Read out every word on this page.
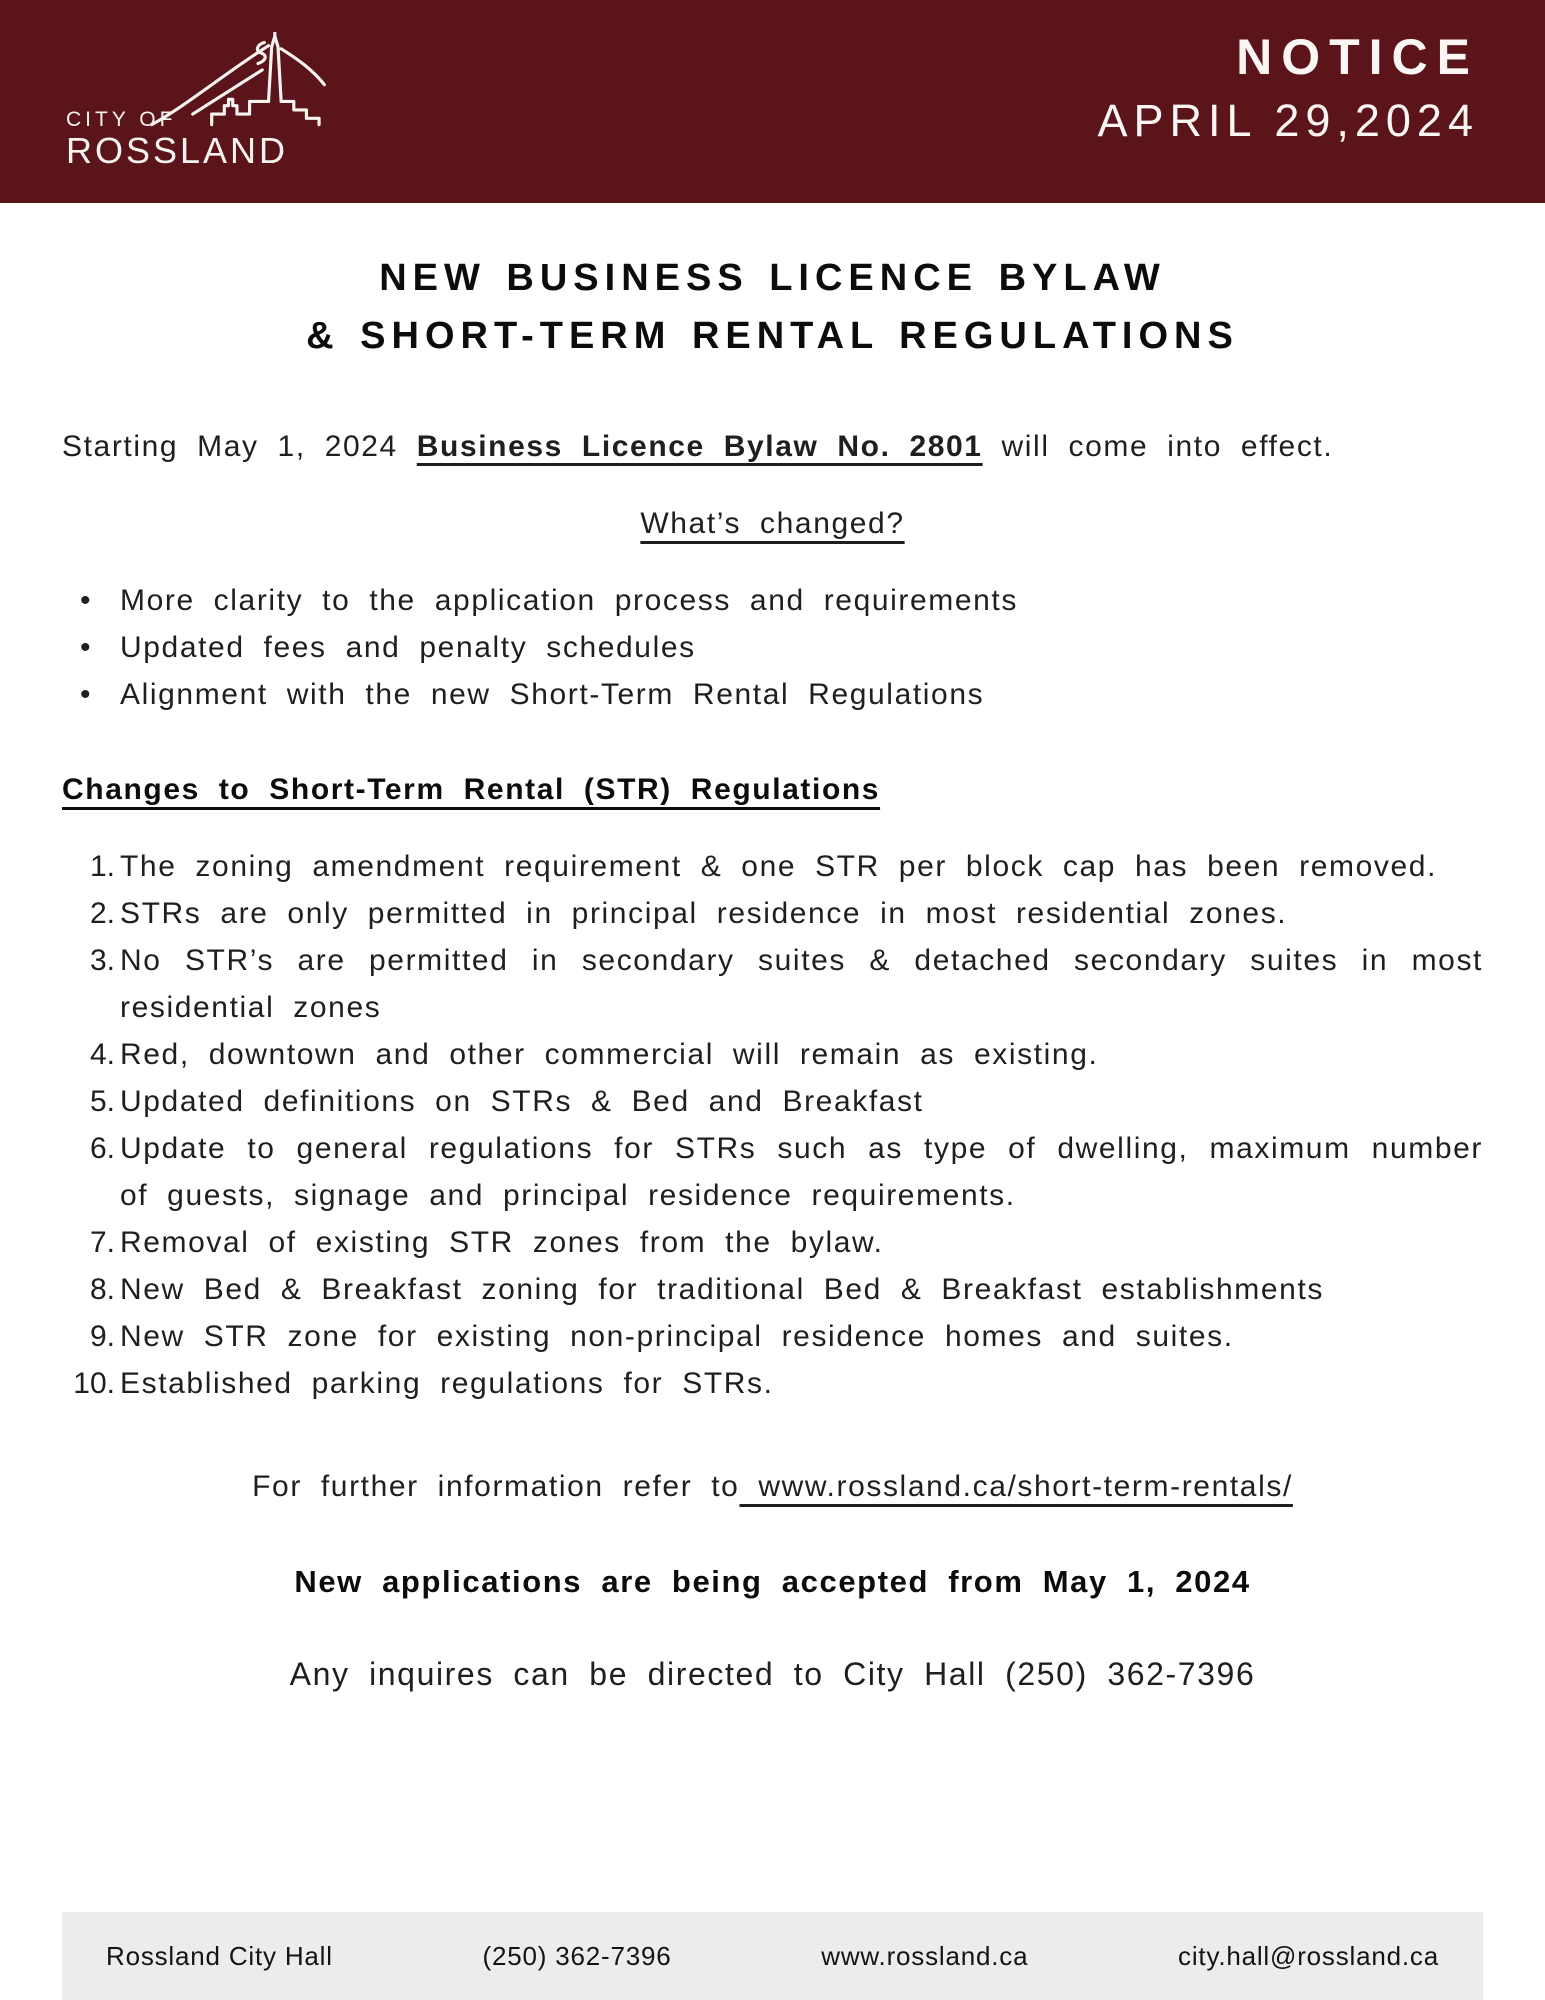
CITY OF
ROSSLAND
NOTICE
APRIL 29,2024
NEW BUSINESS LICENCE BYLAW
& SHORT-TERM RENTAL REGULATIONS

Starting May 1, 2024 Business Licence Bylaw No. 2801 will come into effect.

What’s changed?

• More clarity to the application process and requirements
• Updated fees and penalty schedules
• Alignment with the new Short-Term Rental Regulations

Changes to Short-Term Rental (STR) Regulations

The zoning amendment requirement & one STR per block cap has been removed.
STRs are only permitted in principal residence in most residential zones.
No STR’s are permitted in secondary suites & detached secondary suites in most residential zones
Red, downtown and other commercial will remain as existing.
Updated definitions on STRs & Bed and Breakfast
Update to general regulations for STRs such as type of dwelling, maximum number of guests, signage and principal residence requirements.
Removal of existing STR zones from the bylaw.
New Bed & Breakfast zoning for traditional Bed & Breakfast establishments
New STR zone for existing non-principal residence homes and suites.
Established parking regulations for STRs.

For further information refer to www.rossland.ca/short-term-rentals/

New applications are being accepted from May 1, 2024

Any inquires can be directed to City Hall (250) 362-7396

Rossland City Hall	(250) 362-7396	www.rossland.ca	city.hall@rossland.ca
